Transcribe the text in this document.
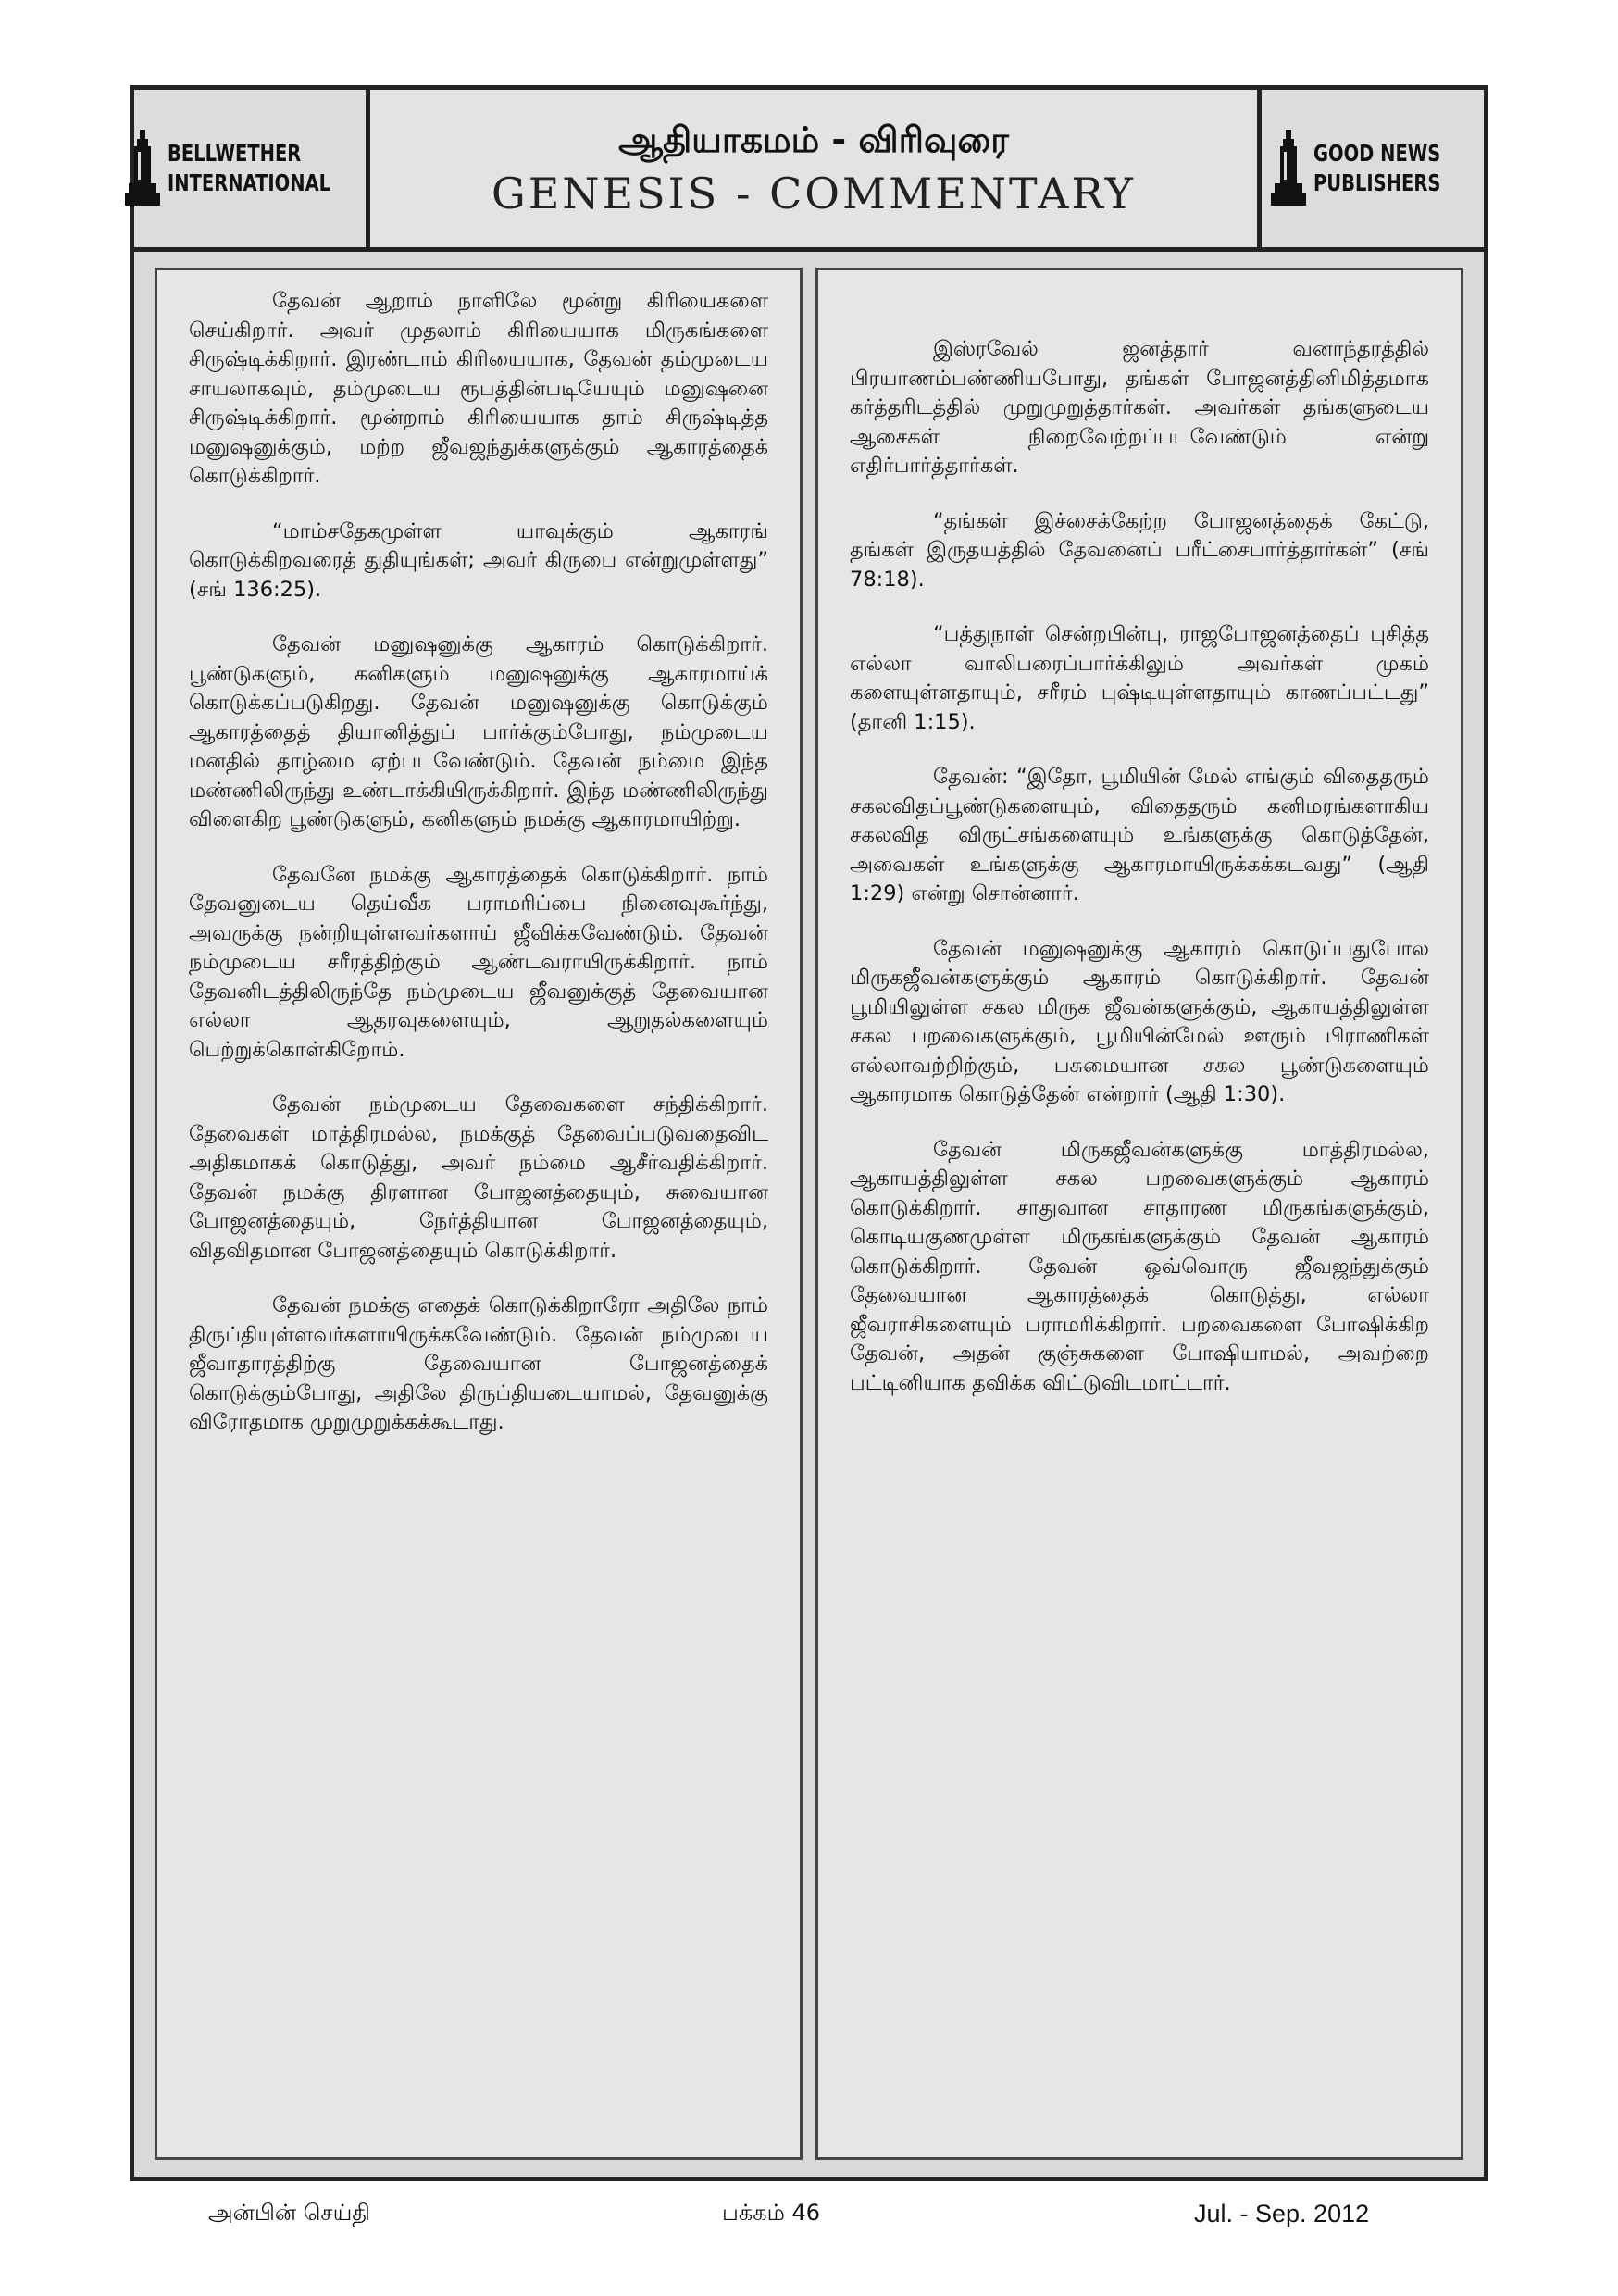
BELLWETHER
INTERNATIONAL
ஆதியாகமம் - விரிவுரை
GENESIS - COMMENTARY
GOOD NEWS
PUBLISHERS

தேவன் ஆறாம் நாளிலே மூன்று கிரியைகளை செய்கிறார். அவர் முதலாம் கிரியையாக மிருகங்களை சிருஷ்டிக்கிறார். இரண்டாம் கிரியையாக, தேவன் தம்முடைய சாயலாகவும், தம்முடைய ரூபத்தின்படியேயும் மனுஷனை சிருஷ்டிக்கிறார். மூன்றாம் கிரியையாக தாம் சிருஷ்டித்த மனுஷனுக்கும், மற்ற ஜீவஜந்துக்களுக்கும் ஆகாரத்தைக் கொடுக்கிறார்.

“மாம்சதேகமுள்ள யாவுக்கும் ஆகாரங் கொடுக்கிறவரைத் துதியுங்கள்; அவர் கிருபை என்றுமுள்ளது” (சங் 136:25).

தேவன் மனுஷனுக்கு ஆகாரம் கொடுக்கிறார். பூண்டுகளும், கனிகளும் மனுஷனுக்கு ஆகாரமாய்க் கொடுக்கப்படுகிறது. தேவன் மனுஷனுக்கு கொடுக்கும் ஆகாரத்தைத் தியானித்துப் பார்க்கும்போது, நம்முடைய மனதில் தாழ்மை ஏற்படவேண்டும். தேவன் நம்மை இந்த மண்ணிலிருந்து உண்டாக்கியிருக்கிறார். இந்த மண்ணிலிருந்து விளைகிற பூண்டுகளும், கனிகளும் நமக்கு ஆகாரமாயிற்று.

தேவனே நமக்கு ஆகாரத்தைக் கொடுக்கிறார். நாம் தேவனுடைய தெய்வீக பராமரிப்பை நினைவுகூர்ந்து, அவருக்கு நன்றியுள்ளவர்களாய் ஜீவிக்கவேண்டும். தேவன் நம்முடைய சரீரத்திற்கும் ஆண்டவராயிருக்கிறார். நாம் தேவனிடத்திலிருந்தே நம்முடைய ஜீவனுக்குத் தேவையான எல்லா ஆதரவுகளையும், ஆறுதல்களையும் பெற்றுக்கொள்கிறோம்.

தேவன் நம்முடைய தேவைகளை சந்திக்கிறார். தேவைகள் மாத்திரமல்ல, நமக்குத் தேவைப்படுவதைவிட அதிகமாகக் கொடுத்து, அவர் நம்மை ஆசீர்வதிக்கிறார். தேவன் நமக்கு திரளான போஜனத்தையும், சுவையான போஜனத்தையும், நேர்த்தியான போஜனத்தையும், விதவிதமான போஜனத்தையும் கொடுக்கிறார்.

தேவன் நமக்கு எதைக் கொடுக்கிறாரோ அதிலே நாம் திருப்தியுள்ளவர்களாயிருக்கவேண்டும். தேவன் நம்முடைய ஜீவாதாரத்திற்கு தேவையான போஜனத்தைக் கொடுக்கும்போது, அதிலே திருப்தியடையாமல், தேவனுக்கு விரோதமாக முறுமுறுக்கக்கூடாது.

இஸ்ரவேல் ஜனத்தார் வனாந்தரத்தில் பிரயாணம்பண்ணியபோது, தங்கள் போஜனத்தினிமித்தமாக கர்த்தரிடத்தில் முறுமுறுத்தார்கள். அவர்கள் தங்களுடைய ஆசைகள் நிறைவேற்றப்படவேண்டும் என்று எதிர்பார்த்தார்கள்.

“தங்கள் இச்சைக்கேற்ற போஜனத்தைக் கேட்டு, தங்கள் இருதயத்தில் தேவனைப் பரீட்சைபார்த்தார்கள்” (சங் 78:18).

“பத்துநாள் சென்றபின்பு, ராஜபோஜனத்தைப் புசித்த எல்லா வாலிபரைப்பார்க்கிலும் அவர்கள் முகம் களையுள்ளதாயும், சரீரம் புஷ்டியுள்ளதாயும் காணப்பட்டது” (தானி 1:15).

தேவன்: “இதோ, பூமியின் மேல் எங்கும் விதைதரும் சகலவிதப்பூண்டுகளையும், விதைதரும் கனிமரங்களாகிய சகலவித விருட்சங்களையும் உங்களுக்கு கொடுத்தேன், அவைகள் உங்களுக்கு ஆகாரமாயிருக்கக்கடவது” (ஆதி 1:29) என்று சொன்னார்.

தேவன் மனுஷனுக்கு ஆகாரம் கொடுப்பதுபோல மிருகஜீவன்களுக்கும் ஆகாரம் கொடுக்கிறார். தேவன் பூமியிலுள்ள சகல மிருக ஜீவன்களுக்கும், ஆகாயத்திலுள்ள சகல பறவைகளுக்கும், பூமியின்மேல் ஊரும் பிராணிகள் எல்லாவற்றிற்கும், பசுமையான சகல பூண்டுகளையும் ஆகாரமாக கொடுத்தேன் என்றார் (ஆதி 1:30).

தேவன் மிருகஜீவன்களுக்கு மாத்திரமல்ல, ஆகாயத்திலுள்ள சகல பறவைகளுக்கும் ஆகாரம் கொடுக்கிறார். சாதுவான சாதாரண மிருகங்களுக்கும், கொடியகுணமுள்ள மிருகங்களுக்கும் தேவன் ஆகாரம் கொடுக்கிறார். தேவன் ஒவ்வொரு ஜீவஜந்துக்கும் தேவையான ஆகாரத்தைக் கொடுத்து, எல்லா ஜீவராசிகளையும் பராமரிக்கிறார். பறவைகளை போஷிக்கிற தேவன், அதன் குஞ்சுகளை போஷியாமல், அவற்றை பட்டினியாக தவிக்க விட்டுவிடமாட்டார்.

அன்பின் செய்தி	பக்கம் 46	Jul. - Sep. 2012
